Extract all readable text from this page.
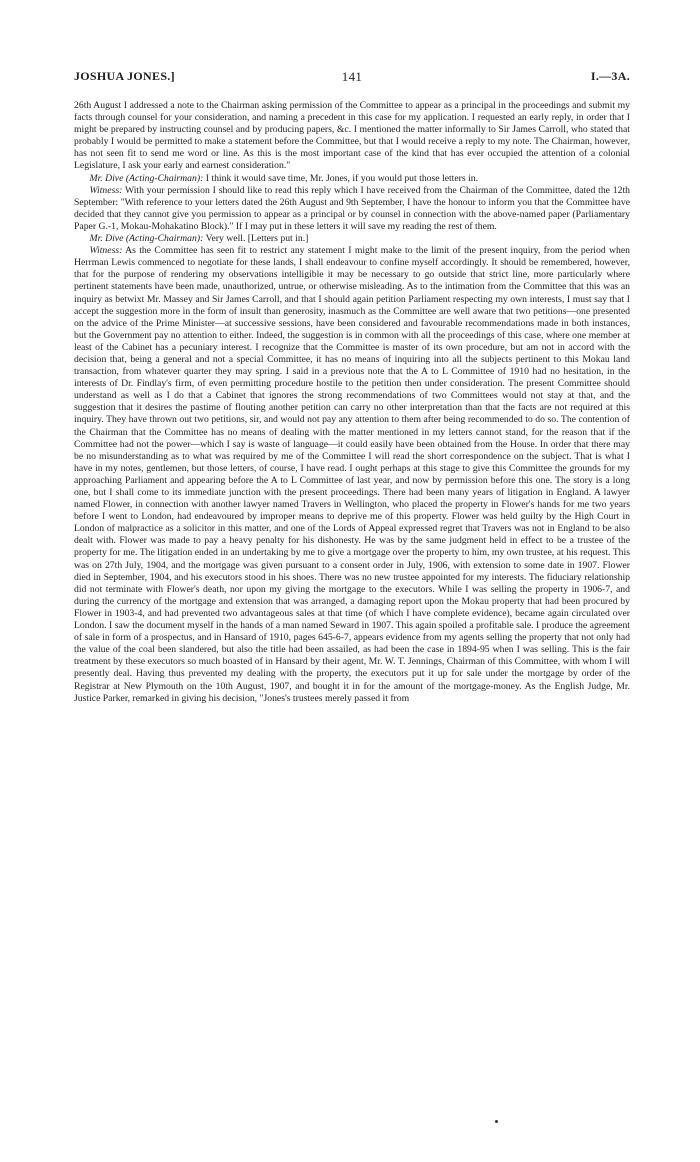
JOSHUA JONES.]	141	I.—3A.

26th August I addressed a note to the Chairman asking permission of the Committee to appear as a principal in the proceedings and submit my facts through counsel for your consideration, and naming a precedent in this case for my application. I requested an early reply, in order that I might be prepared by instructing counsel and by producing papers, &c. I mentioned the matter informally to Sir James Carroll, who stated that probably I would be permitted to make a statement before the Committee, but that I would receive a reply to my note. The Chairman, however, has not seen fit to send me word or line. As this is the most important case of the kind that has ever occupied the attention of a colonial Legislature, I ask your early and earnest consideration."

Mr. Dive (Acting-Chairman): I think it would save time, Mr. Jones, if you would put those letters in.

Witness: With your permission I should like to read this reply which I have received from the Chairman of the Committee, dated the 12th September: "With reference to your letters dated the 26th August and 9th September, I have the honour to inform you that the Committee have decided that they cannot give you permission to appear as a principal or by counsel in connection with the above-named paper (Parliamentary Paper G.-1, Mokau-Mohakatino Block)." If I may put in these letters it will save my reading the rest of them.

Mr. Dive (Acting-Chairman): Very well. [Letters put in.]

Witness: As the Committee has seen fit to restrict any statement I might make to the limit of the present inquiry, from the period when Herrman Lewis commenced to negotiate for these lands, I shall endeavour to confine myself accordingly. It should be remembered, however, that for the purpose of rendering my observations intelligible it may be necessary to go outside that strict line, more particularly where pertinent statements have been made, unauthorized, untrue, or otherwise misleading. As to the intimation from the Committee that this was an inquiry as betwixt Mr. Massey and Sir James Carroll, and that I should again petition Parliament respecting my own interests, I must say that I accept the suggestion more in the form of insult than generosity, inasmuch as the Committee are well aware that two petitions—one presented on the advice of the Prime Minister—at successive sessions, have been considered and favourable recommendations made in both instances, but the Government pay no attention to either. Indeed, the suggestion is in common with all the proceedings of this case, where one member at least of the Cabinet has a pecuniary interest. I recognize that the Committee is master of its own procedure, but am not in accord with the decision that, being a general and not a special Committee, it has no means of inquiring into all the subjects pertinent to this Mokau land transaction, from whatever quarter they may spring. I said in a previous note that the A to L Committee of 1910 had no hesitation, in the interests of Dr. Findlay's firm, of even permitting procedure hostile to the petition then under consideration. The present Committee should understand as well as I do that a Cabinet that ignores the strong recommendations of two Committees would not stay at that, and the suggestion that it desires the pastime of flouting another petition can carry no other interpretation than that the facts are not required at this inquiry. They have thrown out two petitions, sir, and would not pay any attention to them after being recommended to do so. The contention of the Chairman that the Committee has no means of dealing with the matter mentioned in my letters cannot stand, for the reason that if the Committee had not the power—which I say is waste of language—it could easily have been obtained from the House. In order that there may be no misunderstanding as to what was required by me of the Committee I will read the short correspondence on the subject. That is what I have in my notes, gentlemen, but those letters, of course, I have read. I ought perhaps at this stage to give this Committee the grounds for my approaching Parliament and appearing before the A to L Committee of last year, and now by permission before this one. The story is a long one, but I shall come to its immediate junction with the present proceedings. There had been many years of litigation in England. A lawyer named Flower, in connection with another lawyer named Travers in Wellington, who placed the property in Flower's hands for me two years before I went to London, had endeavoured by improper means to deprive me of this property. Flower was held guilty by the High Court in London of malpractice as a solicitor in this matter, and one of the Lords of Appeal expressed regret that Travers was not in England to be also dealt with. Flower was made to pay a heavy penalty for his dishonesty. He was by the same judgment held in effect to be a trustee of the property for me. The litigation ended in an undertaking by me to give a mortgage over the property to him, my own trustee, at his request. This was on 27th July, 1904, and the mortgage was given pursuant to a consent order in July, 1906, with extension to some date in 1907. Flower died in September, 1904, and his executors stood in his shoes. There was no new trustee appointed for my interests. The fiduciary relationship did not terminate with Flower's death, nor upon my giving the mortgage to the executors. While I was selling the property in 1906-7, and during the currency of the mortgage and extension that was arranged, a damaging report upon the Mokau property that had been procured by Flower in 1903-4, and had prevented two advantageous sales at that time (of which I have complete evidence), became again circulated over London. I saw the document myself in the hands of a man named Seward in 1907. This again spoiled a profitable sale. I produce the agreement of sale in form of a prospectus, and in Hansard of 1910, pages 645-6-7, appears evidence from my agents selling the property that not only had the value of the coal been slandered, but also the title had been assailed, as had been the case in 1894-95 when I was selling. This is the fair treatment by these executors so much boasted of in Hansard by their agent, Mr. W. T. Jennings, Chairman of this Committee, with whom I will presently deal. Having thus prevented my dealing with the property, the executors put it up for sale under the mortgage by order of the Registrar at New Plymouth on the 10th August, 1907, and bought it in for the amount of the mortgage-money. As the English Judge, Mr. Justice Parker, remarked in giving his decision, "Jones's trustees merely passed it from
